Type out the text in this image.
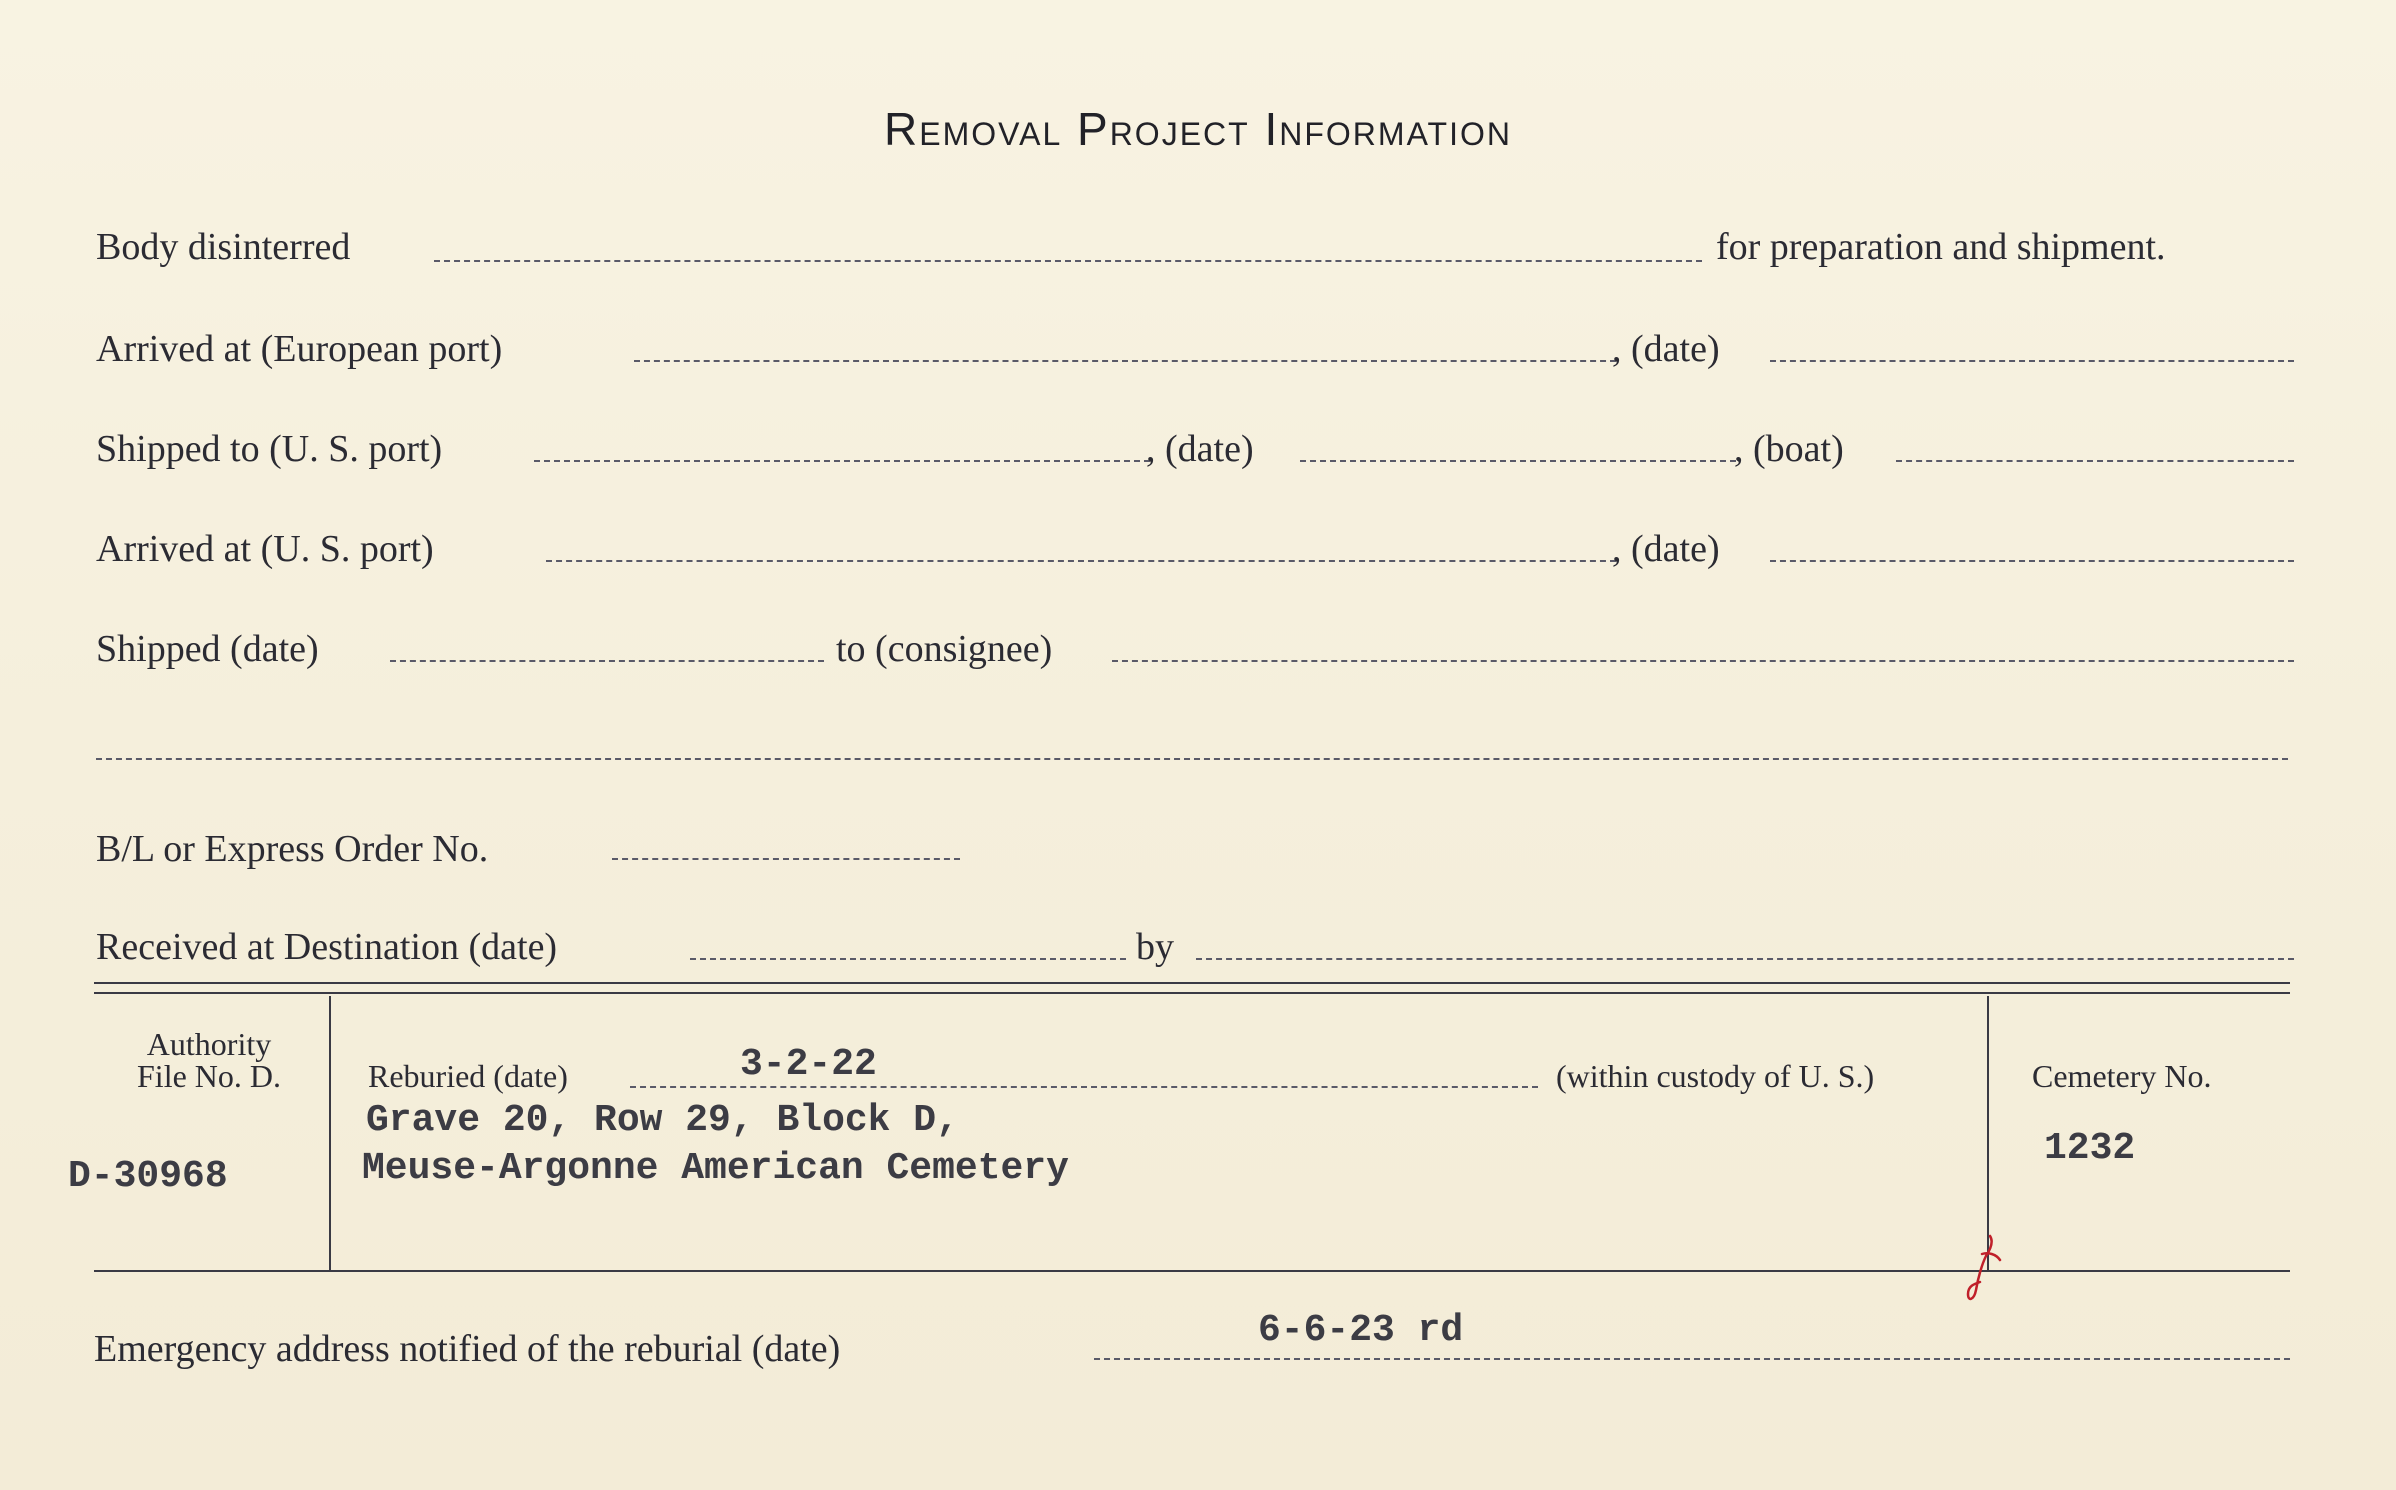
Removal Project Information
Body disinterred	for preparation and shipment.
Arrived at (European port)	, (date)
Shipped to (U. S. port)	, (date)	, (boat)
Arrived at (U. S. port)	, (date)
Shipped (date)	to (consignee)
B/L or Express Order No.
Received at Destination (date)	by
Authority
File No. D.
D-30968
Reburied (date)	3-2-22	(within custody of U. S.)
Grave 20, Row 29, Block D,
Meuse-Argonne American Cemetery
Cemetery No.
1232
Emergency address notified of the reburial (date)	6-6-23 rd
